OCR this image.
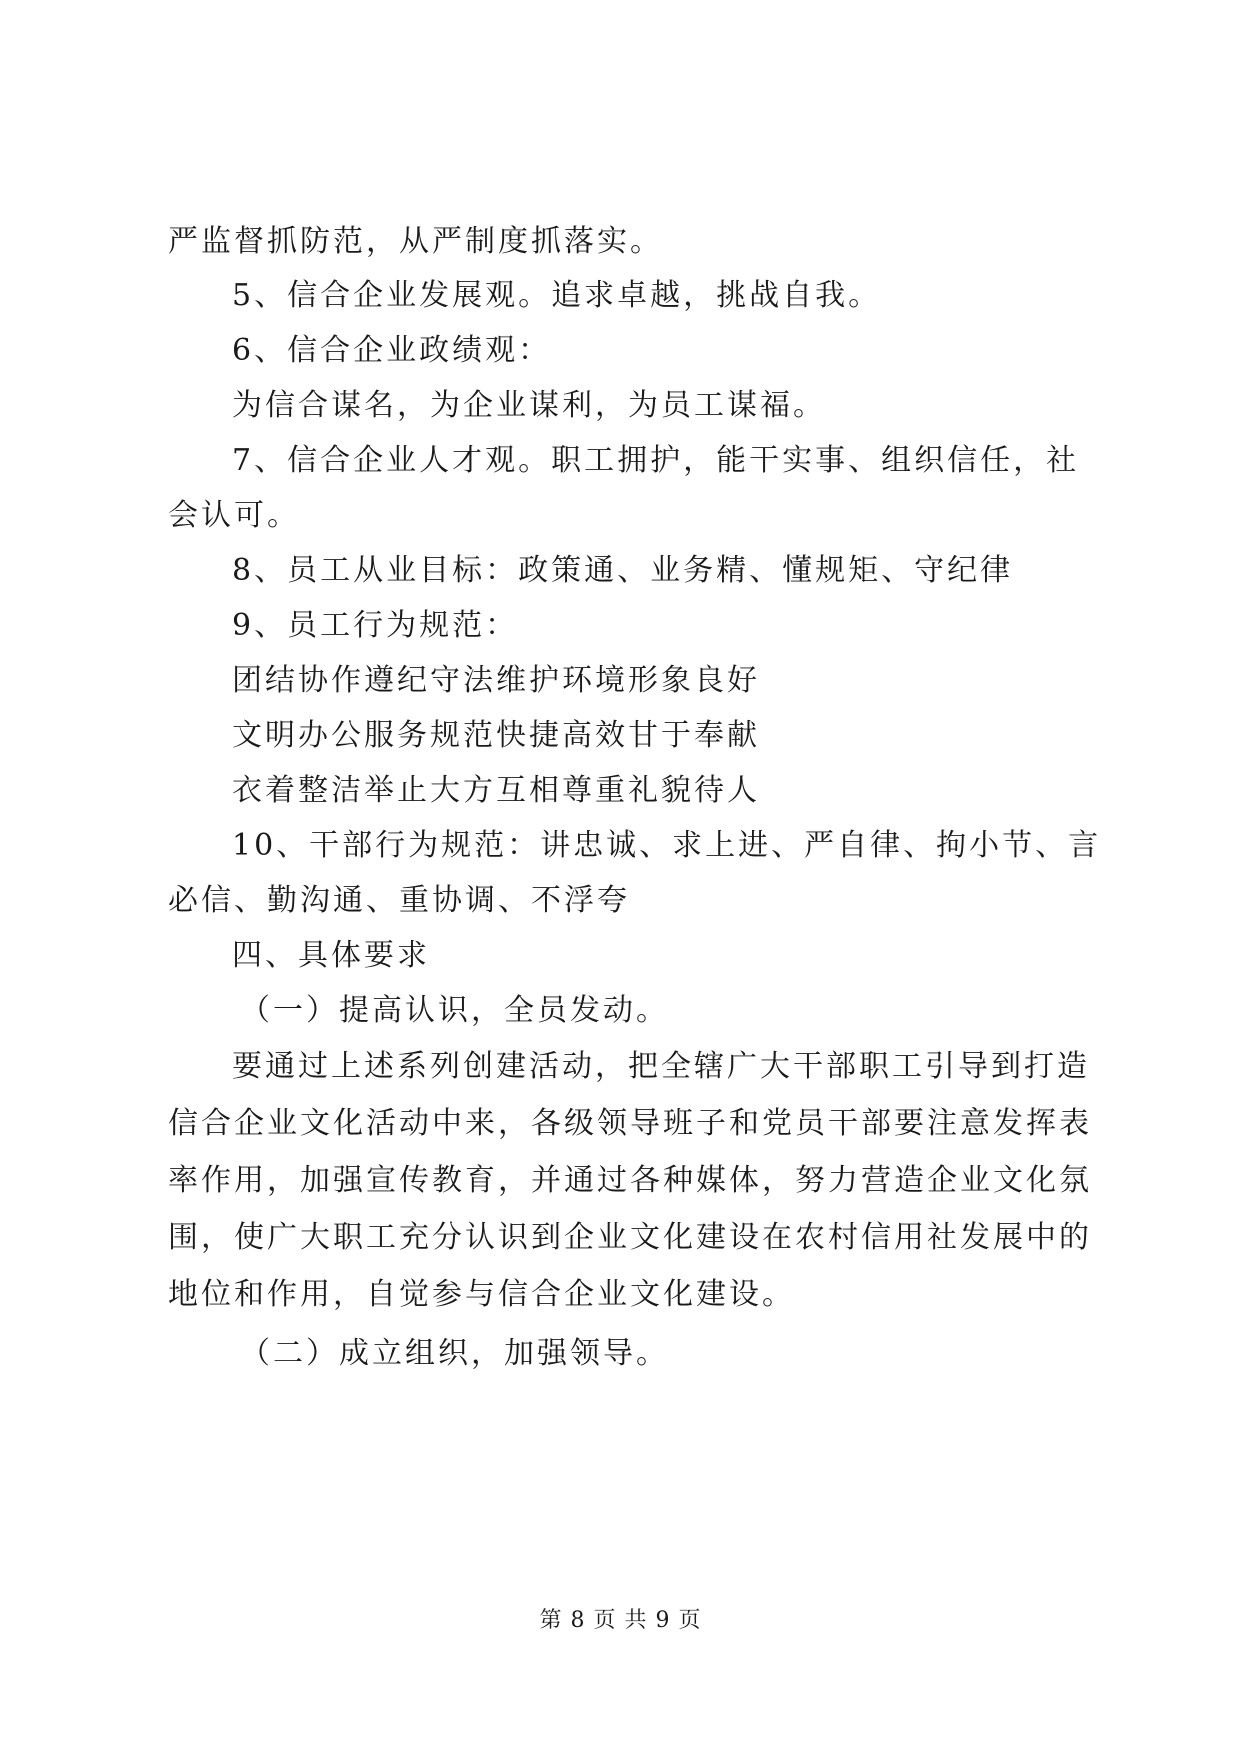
严监督抓防范，从严制度抓落实。
5、信合企业发展观。追求卓越，挑战自我。
6、信合企业政绩观：
为信合谋名，为企业谋利，为员工谋福。
7、信合企业人才观。职工拥护，能干实事、组织信任，社
会认可。
8、员工从业目标：政策通、业务精、懂规矩、守纪律
9、员工行为规范：
团结协作遵纪守法维护环境形象良好
文明办公服务规范快捷高效甘于奉献
衣着整洁举止大方互相尊重礼貌待人
10、干部行为规范：讲忠诚、求上进、严自律、拘小节、言
必信、勤沟通、重协调、不浮夸
四、具体要求
（一）提高认识，全员发动。
要通过上述系列创建活动，把全辖广大干部职工引导到打造
信合企业文化活动中来，各级领导班子和党员干部要注意发挥表
率作用，加强宣传教育，并通过各种媒体，努力营造企业文化氛
围，使广大职工充分认识到企业文化建设在农村信用社发展中的
地位和作用，自觉参与信合企业文化建设。
（二）成立组织，加强领导。
第 8 页 共 9 页
